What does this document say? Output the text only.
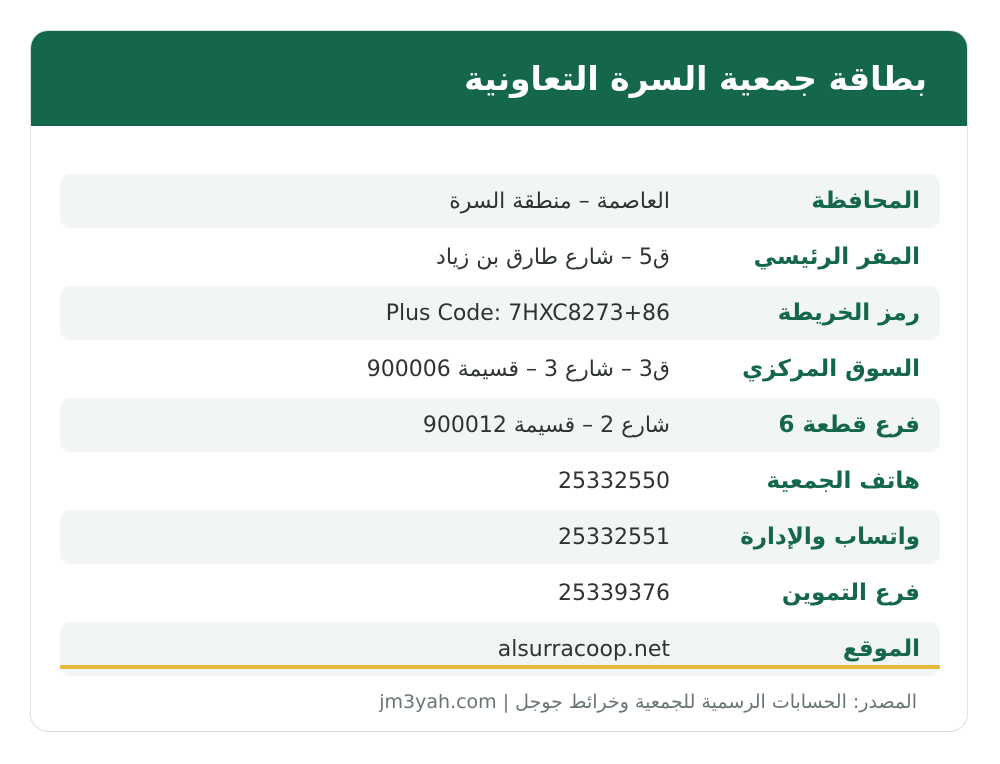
بطاقة جمعية السرة التعاونية
المحافظة
العاصمة – منطقة السرة
المقر الرئيسي
ق5 – شارع طارق بن زياد
رمز الخريطة
Plus Code: 7HXC8273+86
السوق المركزي
ق3 – شارع 3 – قسيمة 900006
فرع قطعة 6
شارع 2 – قسيمة 900012
هاتف الجمعية
25332550
واتساب والإدارة
25332551
فرع التموين
25339376
الموقع
alsurracoop.net
المصدر: الحسابات الرسمية للجمعية وخرائط جوجل | jm3yah.com
